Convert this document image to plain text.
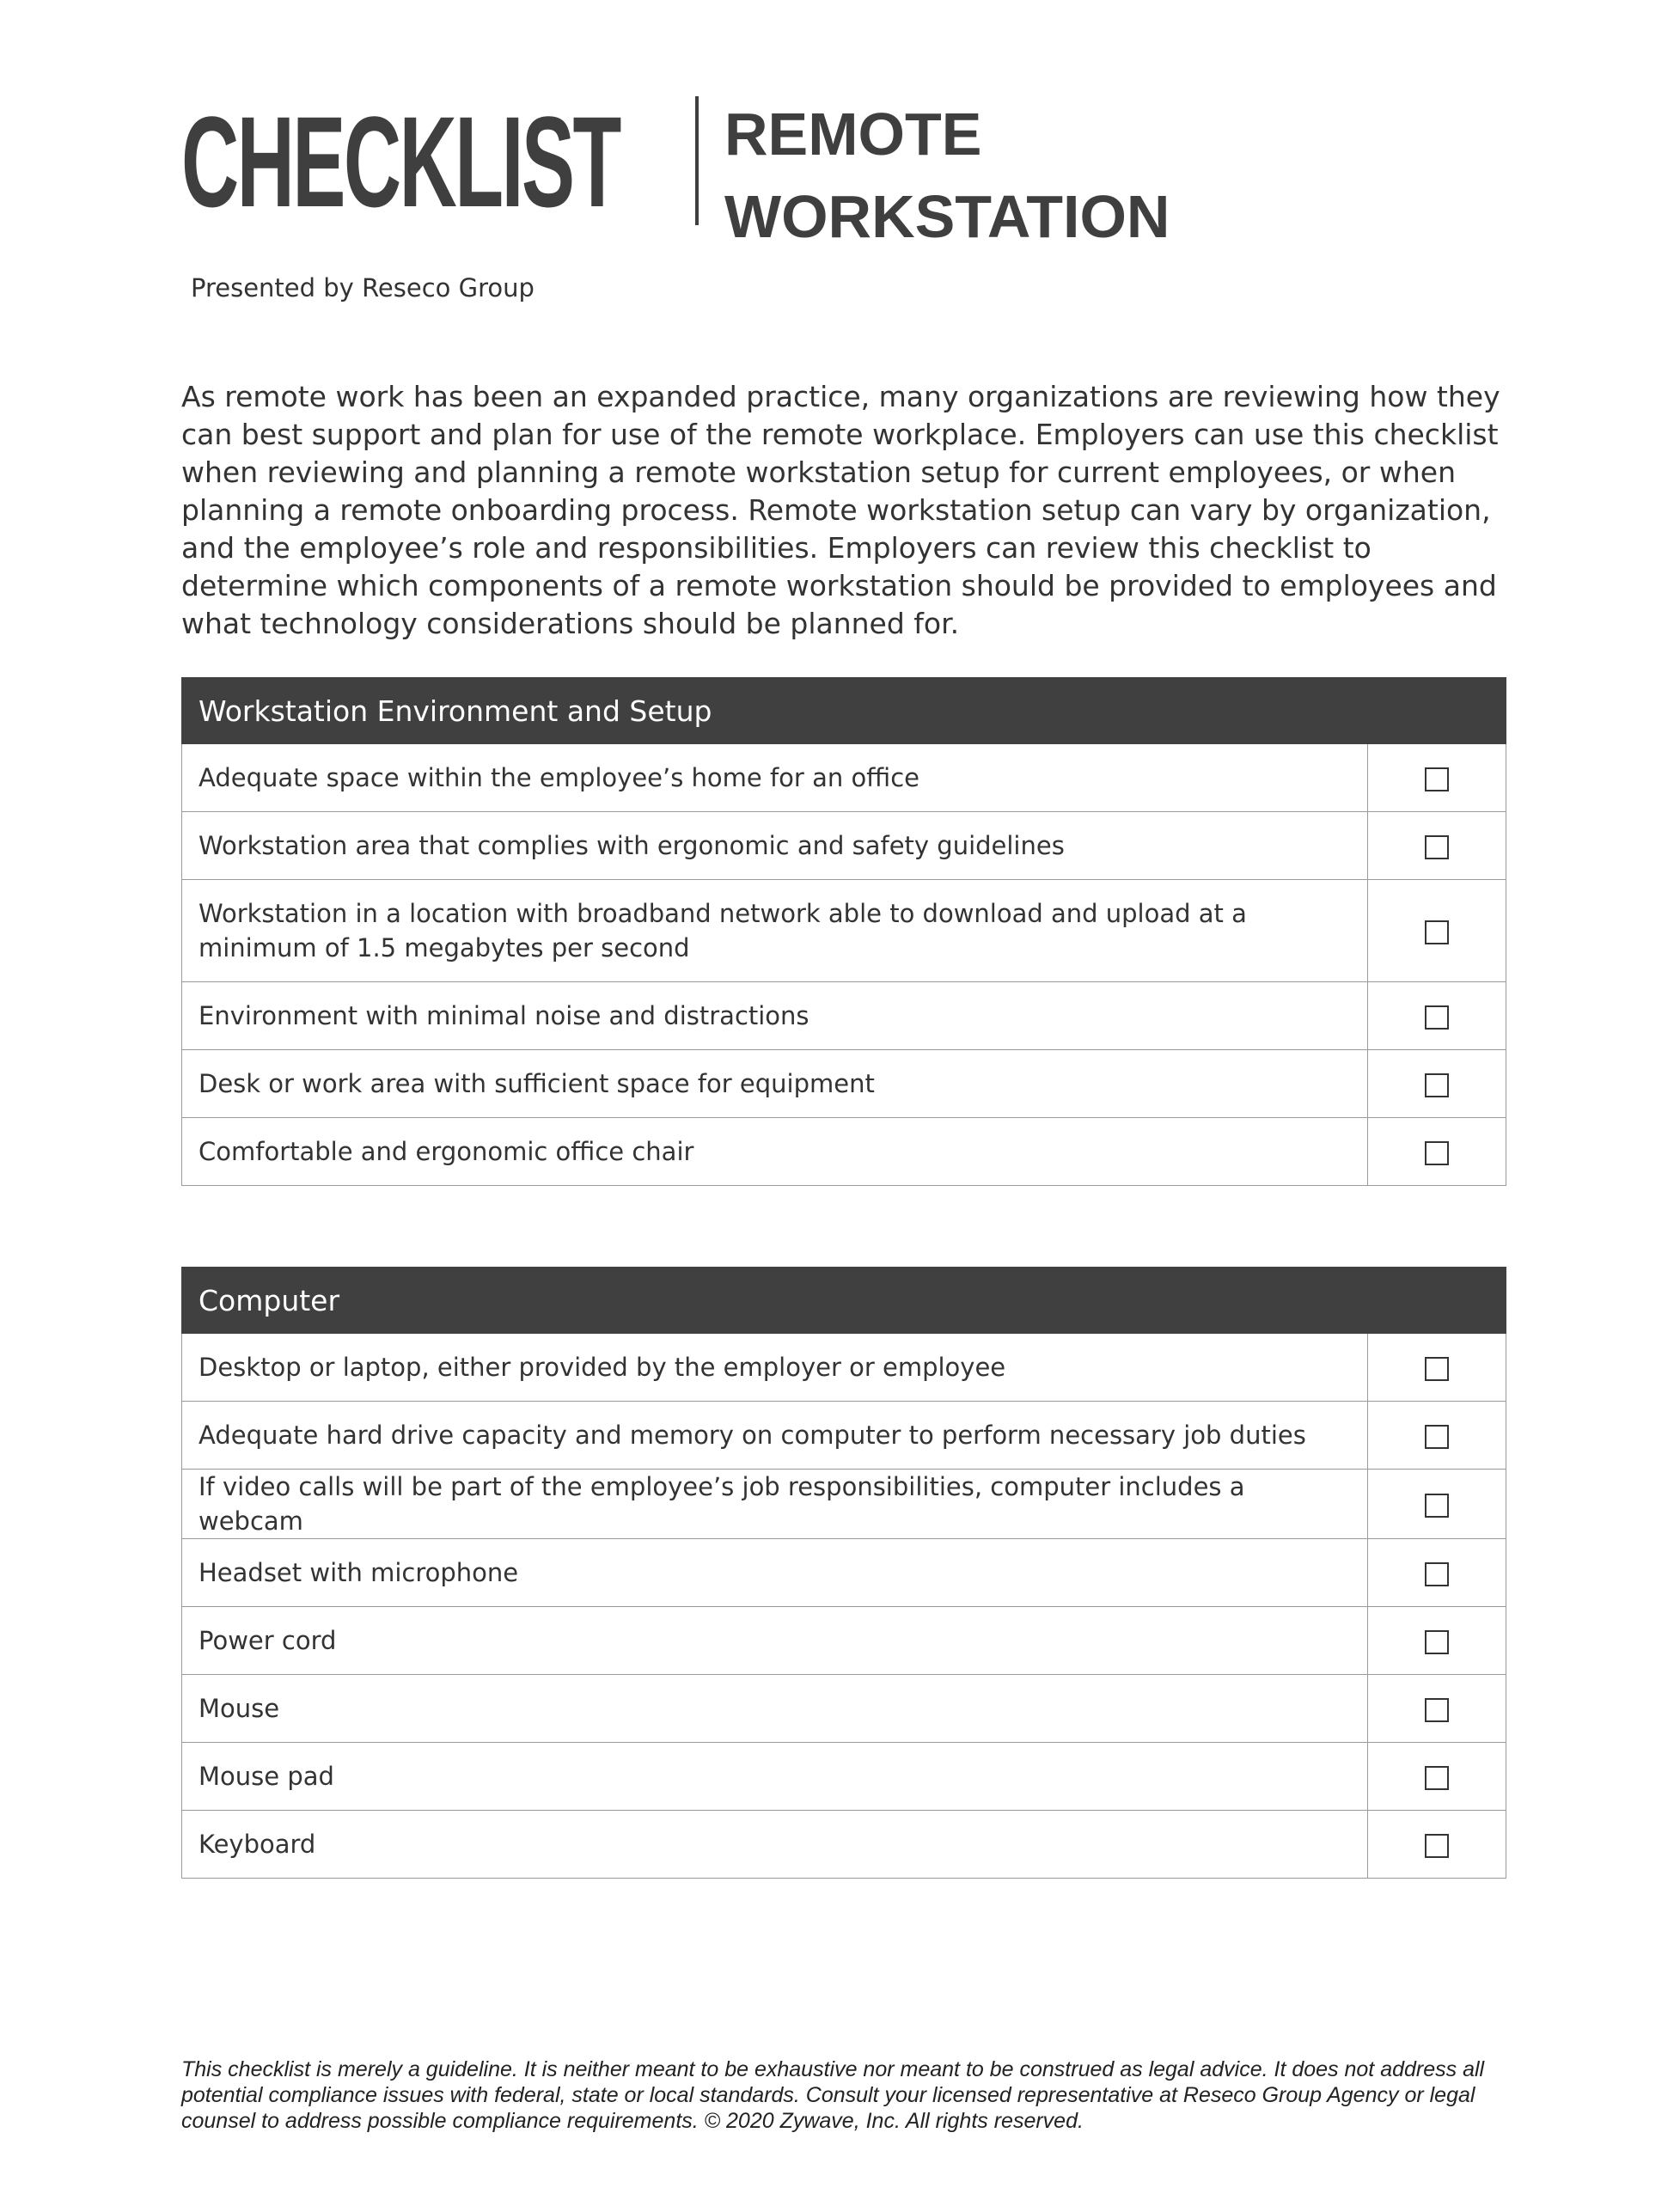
CHECKLIST REMOTE
WORKSTATION
Presented by Reseco Group

As remote work has been an expanded practice, many organizations are reviewing how they can best support and plan for use of the remote workplace. Employers can use this checklist when reviewing and planning a remote workstation setup for current employees, or when planning a remote onboarding process. Remote workstation setup can vary by organization, and the employee’s role and responsibilities. Employers can review this checklist to determine which components of a remote workstation should be provided to employees and what technology considerations should be planned for.

Workstation Environment and Setup	
Adequate space within the employee’s home for an office	
Workstation area that complies with ergonomic and safety guidelines	
Workstation in a location with broadband network able to download and upload at a minimum of 1.5 megabytes per second	
Environment with minimal noise and distractions	
Desk or work area with sufficient space for equipment	
Comfortable and ergonomic office chair	
Computer	
Desktop or laptop, either provided by the employer or employee	
Adequate hard drive capacity and memory on computer to perform necessary job duties	
If video calls will be part of the employee’s job responsibilities, computer includes a webcam	
Headset with microphone	
Power cord	
Mouse	
Mouse pad	
Keyboard	

This checklist is merely a guideline. It is neither meant to be exhaustive nor meant to be construed as legal advice. It does not address all potential compliance issues with federal, state or local standards. Consult your licensed representative at Reseco Group Agency or legal counsel to address possible compliance requirements. © 2020 Zywave, Inc. All rights reserved.
